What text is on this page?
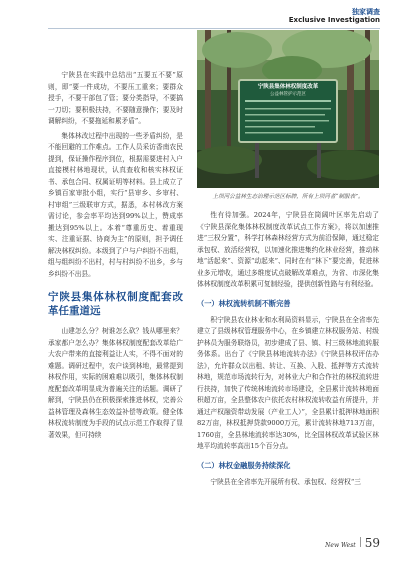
独家调查
Exclusive Investigation

宁陕县在实践中总结出“五要五不要”原则，即“要一件成功，不要压工重来；要群众授手，不要干部包了管；要分类指导，不要搞一刀切；要积极扶持，不要随意操作；要及时调解纠纷，不要拖延和累矛盾”。

集体林改过程中出现的一些矛盾纠纷，是不能回避的工作难点。工作人员采访香南农民提到，保证操作程序到位，根据需要进村入户直接模村林地现状，认真查收和核实林权证书、承包合同、权属证明等材料。县上成立了乡镇百家审批小组，实行“县审乡、乡审村、村审组”三级联审方式，据悉，本村林改方案需讨论，参会率平均达到99%以上，赞成率搬达到95%以上。本着“尊重历史、着重现实、注重证据、协商为主”的原则，担予调任解决林权纠纷。本级到了户与户纠纷不出组，组与组纠纷不出村，村与村纠纷不出乡，乡与乡纠纷不出县。

宁陕县集体林权制度配套改革任重道远

山建怎么分？树谁怎么砍？钱从哪里来？承家都户怎么办？集体林权制度配套改革给广大农户带来的直接利益让人实，不得不面对的难题。调研过程中，农户谈到林地，最常提到林权作用，实际的困难难以吸引，集体林权制度配套改革明显成为普遍关注的话题。调研了解到，宁陕县仍在积极探索推进林权，完善公益林管理及森林生态效益补偿等政策。健全体林权流转制度为手段的试点示范工作取得了显著效果，但可持续

宁陕县集体林权制度改革
公益林管护示范区
上坝河公益林生态治理示范区标牌，所有上坝河者“制服表”。

性有待加强。2024年，宁陕县在筒阔叶区率先启动了《宁陕县深化集体林权制度改革试点工作方案》，将以加速推进“三权分置”，科学打林森林经营方式为前沿保障，通过稳定承包权、放活经营权，以加速化推进集约化林业经营，推动林地“活起来”、资源“动起来”、同时在有“林下”要完善，促进林业多元增收，通过多维度试点破解改革难点，为省、市深化集体林权制度改革积累可复制经验，提供创新性路与有利经验。

（一）林权流转机制不断完善

积宁陕县农业林业和水利局资料显示，宁陕县在全省率先建立了县级林权管理服务中心，在乡镇建立林权服务站、村级护林员为服务联络员，初步建成了县、镇、村三级林地流转服务体系。出台了《宁陕县林地流转办法》《宁陕县林权评估办法》，允许群众以出租、转让、互换、入股、抵押等方式流转林地，规范市场流转行为，对林业大户和合作社的林权流转进行扶持，加快了传统林地流转市场建设，全县累计流转林地面积超万亩，全县整体农户依托农村林权流转收益有所提升，并通过产权融资带动发展（产业工人）”，全县累计抵押林地面积82万亩，林权抵押贷款9000万元，累计流转林地713万亩，1760亩，全县林地流转率达30%，比全国林权改革试验区林地平均流转率高出15个百分点。

（二）林权金融服务持续深化

宁陕县在全省率先开展所有权、承包权、经营权“三

New West 59
